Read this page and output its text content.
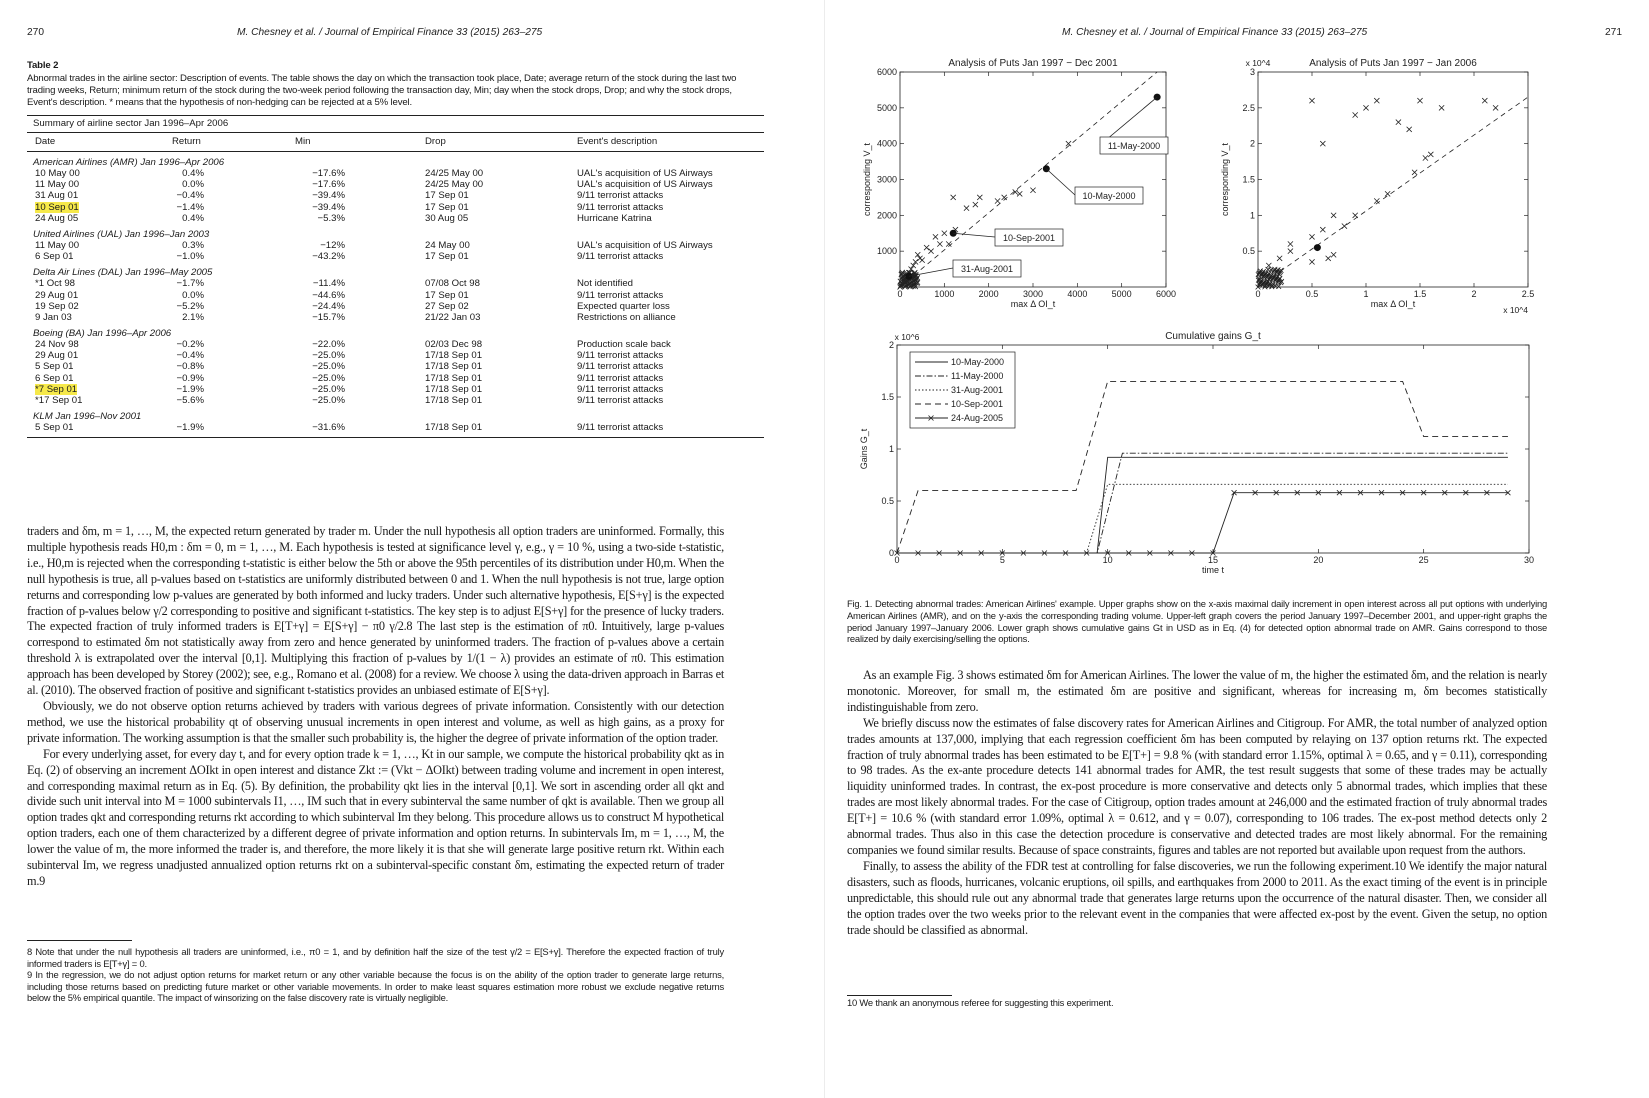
270	M. Chesney et al. / Journal of Empirical Finance 33 (2015) 263–275
Table 2
Abnormal trades in the airline sector: Description of events. The table shows the day on which the transaction took place, Date; average return of the stock during the last two trading weeks, Return; minimum return of the stock during the two-week period following the transaction day, Min; day when the stock drops, Drop; and why the stock drops, Event's description. * means that the hypothesis of non-hedging can be rejected at a 5% level.
Summary of airline sector Jan 1996–Apr 2006
Date	Return	Min	Drop	Event's description
American Airlines (AMR) Jan 1996–Apr 2006
10 May 00	0.4%	−17.6%	24/25 May 00	UAL's acquisition of US Airways
11 May 00	0.0%	−17.6%	24/25 May 00	UAL's acquisition of US Airways
31 Aug 01	−0.4%	−39.4%	17 Sep 01	9/11 terrorist attacks
10 Sep 01	−1.4%	−39.4%	17 Sep 01	9/11 terrorist attacks
24 Aug 05	0.4%	−5.3%	30 Aug 05	Hurricane Katrina
United Airlines (UAL) Jan 1996–Jan 2003
11 May 00	0.3%	−12%	24 May 00	UAL's acquisition of US Airways
6 Sep 01	−1.0%	−43.2%	17 Sep 01	9/11 terrorist attacks
Delta Air Lines (DAL) Jan 1996–May 2005
*1 Oct 98	−1.7%	−11.4%	07/08 Oct 98	Not identified
29 Aug 01	0.0%	−44.6%	17 Sep 01	9/11 terrorist attacks
19 Sep 02	−5.2%	−24.4%	27 Sep 02	Expected quarter loss
9 Jan 03	2.1%	−15.7%	21/22 Jan 03	Restrictions on alliance
Boeing (BA) Jan 1996–Apr 2006
24 Nov 98	−0.2%	−22.0%	02/03 Dec 98	Production scale back
29 Aug 01	−0.4%	−25.0%	17/18 Sep 01	9/11 terrorist attacks
5 Sep 01	−0.8%	−25.0%	17/18 Sep 01	9/11 terrorist attacks
6 Sep 01	−0.9%	−25.0%	17/18 Sep 01	9/11 terrorist attacks
*7 Sep 01	−1.9%	−25.0%	17/18 Sep 01	9/11 terrorist attacks
*17 Sep 01	−5.6%	−25.0%	17/18 Sep 01	9/11 terrorist attacks
KLM Jan 1996–Nov 2001
5 Sep 01	−1.9%	−31.6%	17/18 Sep 01	9/11 terrorist attacks

traders and δm, m = 1, …, M, the expected return generated by trader m. Under the null hypothesis all option traders are uninformed. Formally, this multiple hypothesis reads H0,m : δm = 0, m = 1, …, M. Each hypothesis is tested at significance level γ, e.g., γ = 10 %, using a two-side t-statistic, i.e., H0,m is rejected when the corresponding t-statistic is either below the 5th or above the 95th percentiles of its distribution under H0,m. When the null hypothesis is true, all p-values based on t-statistics are uniformly distributed between 0 and 1. When the null hypothesis is not true, large option returns and corresponding low p-values are generated by both informed and lucky traders. Under such alternative hypothesis, E[S+γ] is the expected fraction of p-values below γ/2 corresponding to positive and significant t-statistics. The key step is to adjust E[S+γ] for the presence of lucky traders. The expected fraction of truly informed traders is E[T+γ] = E[S+γ] − π0 γ/2.8 The last step is the estimation of π0. Intuitively, large p-values correspond to estimated δm not statistically away from zero and hence generated by uninformed traders. The fraction of p-values above a certain threshold λ is extrapolated over the interval [0,1]. Multiplying this fraction of p-values by 1/(1 − λ) provides an estimate of π0. This estimation approach has been developed by Storey (2002); see, e.g., Romano et al. (2008) for a review. We choose λ using the data-driven approach in Barras et al. (2010). The observed fraction of positive and significant t-statistics provides an unbiased estimate of E[S+γ].

Obviously, we do not observe option returns achieved by traders with various degrees of private information. Consistently with our detection method, we use the historical probability qt of observing unusual increments in open interest and volume, as well as high gains, as a proxy for private information. The working assumption is that the smaller such probability is, the higher the degree of private information of the option trader.

For every underlying asset, for every day t, and for every option trade k = 1, …, Kt in our sample, we compute the historical probability qkt as in Eq. (2) of observing an increment ΔOIkt in open interest and distance Zkt := (Vkt − ΔOIkt) between trading volume and increment in open interest, and corresponding maximal return as in Eq. (5). By definition, the probability qkt lies in the interval [0,1]. We sort in ascending order all qkt and divide such unit interval into M = 1000 subintervals I1, …, IM such that in every subinterval the same number of qkt is available. Then we group all option trades qkt and corresponding returns rkt according to which subinterval Im they belong. This procedure allows us to construct M hypothetical option traders, each one of them characterized by a different degree of private information and option returns. In subintervals Im, m = 1, …, M, the lower the value of m, the more informed the trader is, and therefore, the more likely it is that she will generate large positive return rkt. Within each subinterval Im, we regress unadjusted annualized option returns rkt on a subinterval-specific constant δm, estimating the expected return of trader m.9

8 Note that under the null hypothesis all traders are uninformed, i.e., π0 = 1, and by definition half the size of the test γ/2 = E[S+γ]. Therefore the expected fraction of truly informed traders is E[T+γ] = 0.

9 In the regression, we do not adjust option returns for market return or any other variable because the focus is on the ability of the option trader to generate large returns, including those returns based on predicting future market or other variable movements. In order to make least squares estimation more robust we exclude negative returns below the 5% empirical quantile. The impact of winsorizing on the false discovery rate is virtually negligible.

M. Chesney et al. / Journal of Empirical Finance 33 (2015) 263–275	271
0	1000	2000	3000	4000	5000	6000
1000
2000
3000
4000
5000
6000
Analysis of Puts Jan 1997 − Dec 2001
max Δ OI_t
corresponding V_t	11-May-2000
10-May-2000
10-Sep-2001
31-Aug-2001
0	0.5	1	1.5	2	2.5
0.5
1
1.5
2
2.5
3
Analysis of Puts Jan 1997 − Jan 2006
max Δ OI_t
corresponding V_t
x 10^4
x 10^4
0	5	10	15	20	25	30
0
0.5
1
1.5
2
Cumulative gains G_t
time t
Gains G_t
x 10^6
10-May-2000
11-May-2000
31-Aug-2001
10-Sep-2001
24-Aug-2005
Fig. 1. Detecting abnormal trades: American Airlines' example. Upper graphs show on the x-axis maximal daily increment in open interest across all put options with underlying American Airlines (AMR), and on the y-axis the corresponding trading volume. Upper-left graph covers the period January 1997–December 2001, and upper-right graphs the period January 1997–January 2006. Lower graph shows cumulative gains Gt in USD as in Eq. (4) for detected option abnormal trade on AMR. Gains correspond to those realized by daily exercising/selling the options.

As an example Fig. 3 shows estimated δm for American Airlines. The lower the value of m, the higher the estimated δm, and the relation is nearly monotonic. Moreover, for small m, the estimated δm are positive and significant, whereas for increasing m, δm becomes statistically indistinguishable from zero.

We briefly discuss now the estimates of false discovery rates for American Airlines and Citigroup. For AMR, the total number of analyzed option trades amounts at 137,000, implying that each regression coefficient δm has been computed by relaying on 137 option returns rkt. The expected fraction of truly abnormal trades has been estimated to be E[T+] = 9.8 % (with standard error 1.15%, optimal λ = 0.65, and γ = 0.11), corresponding to 98 trades. As the ex-ante procedure detects 141 abnormal trades for AMR, the test result suggests that some of these trades may be actually liquidity uninformed trades. In contrast, the ex-post procedure is more conservative and detects only 5 abnormal trades, which implies that these trades are most likely abnormal trades. For the case of Citigroup, option trades amount at 246,000 and the estimated fraction of truly abnormal trades E[T+] = 10.6 % (with standard error 1.09%, optimal λ = 0.612, and γ = 0.07), corresponding to 106 trades. The ex-post method detects only 2 abnormal trades. Thus also in this case the detection procedure is conservative and detected trades are most likely abnormal. For the remaining companies we found similar results. Because of space constraints, figures and tables are not reported but available upon request from the authors.

Finally, to assess the ability of the FDR test at controlling for false discoveries, we run the following experiment.10 We identify the major natural disasters, such as floods, hurricanes, volcanic eruptions, oil spills, and earthquakes from 2000 to 2011. As the exact timing of the event is in principle unpredictable, this should rule out any abnormal trade that generates large returns upon the occurrence of the natural disaster. Then, we consider all the option trades over the two weeks prior to the relevant event in the companies that were affected ex-post by the event. Given the setup, no option trade should be classified as abnormal.

10 We thank an anonymous referee for suggesting this experiment.
